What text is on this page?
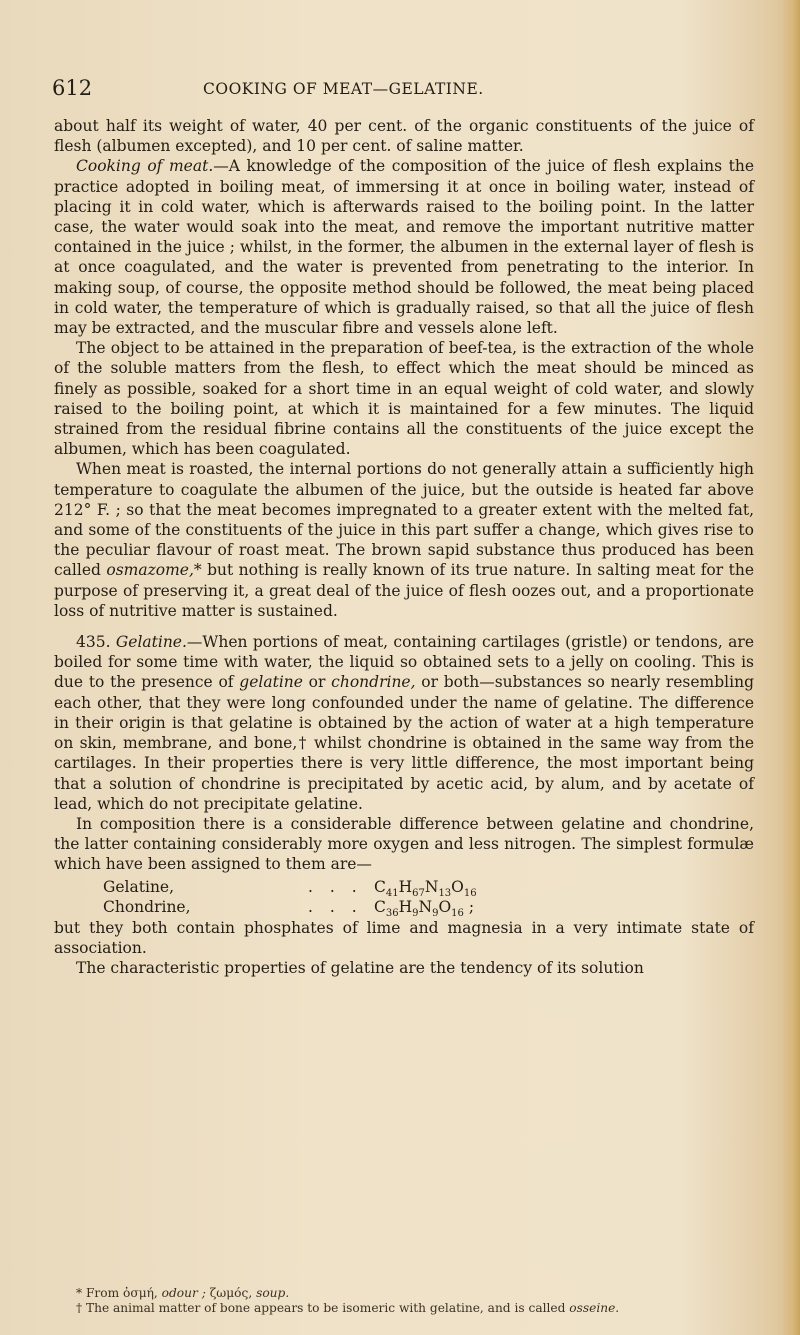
612	COOKING OF MEAT—GELATINE.

about half its weight of water, 40 per cent. of the organic constituents of the juice of flesh (albumen excepted), and 10 per cent. of saline matter.

Cooking of meat.—A knowledge of the composition of the juice of flesh explains the practice adopted in boiling meat, of immersing it at once in boiling water, instead of placing it in cold water, which is afterwards raised to the boiling point. In the latter case, the water would soak into the meat, and remove the important nutritive matter contained in the juice ; whilst, in the former, the albumen in the external layer of flesh is at once coagulated, and the water is prevented from penetrating to the interior. In making soup, of course, the opposite method should be followed, the meat being placed in cold water, the temperature of which is gradually raised, so that all the juice of flesh may be extracted, and the muscular fibre and vessels alone left.

The object to be attained in the preparation of beef-tea, is the extraction of the whole of the soluble matters from the flesh, to effect which the meat should be minced as finely as possible, soaked for a short time in an equal weight of cold water, and slowly raised to the boiling point, at which it is maintained for a few minutes. The liquid strained from the residual fibrine contains all the constituents of the juice except the albumen, which has been coagulated.

When meat is roasted, the internal portions do not generally attain a sufficiently high temperature to coagulate the albumen of the juice, but the outside is heated far above 212° F. ; so that the meat becomes impregnated to a greater extent with the melted fat, and some of the constituents of the juice in this part suffer a change, which gives rise to the peculiar flavour of roast meat. The brown sapid substance thus produced has been called osmazome,* but nothing is really known of its true nature. In salting meat for the purpose of preserving it, a great deal of the juice of flesh oozes out, and a proportionate loss of nutritive matter is sustained.

435. Gelatine.—When portions of meat, containing cartilages (gristle) or tendons, are boiled for some time with water, the liquid so obtained sets to a jelly on cooling. This is due to the presence of gelatine or chondrine, or both—substances so nearly resembling each other, that they were long confounded under the name of gelatine. The difference in their origin is that gelatine is obtained by the action of water at a high temperature on skin, membrane, and bone,† whilst chondrine is obtained in the same way from the cartilages. In their properties there is very little difference, the most important being that a solution of chondrine is precipitated by acetic acid, by alum, and by acetate of lead, which do not precipitate gelatine.

In composition there is a considerable difference between gelatine and chondrine, the latter containing considerably more oxygen and less nitrogen. The simplest formulæ which have been assigned to them are—

Gelatine,	. . . $C_{41}H_{67}N_{13}O_{16}$
Chondrine,	. . . $C_{36}H_9N_9O_{16}$ ;

but they both contain phosphates of lime and magnesia in a very intimate state of association.

The characteristic properties of gelatine are the tendency of its solution

* From ὀσμή, odour ; ζωμός, soup.
† The animal matter of bone appears to be isomeric with gelatine, and is called osseine.
